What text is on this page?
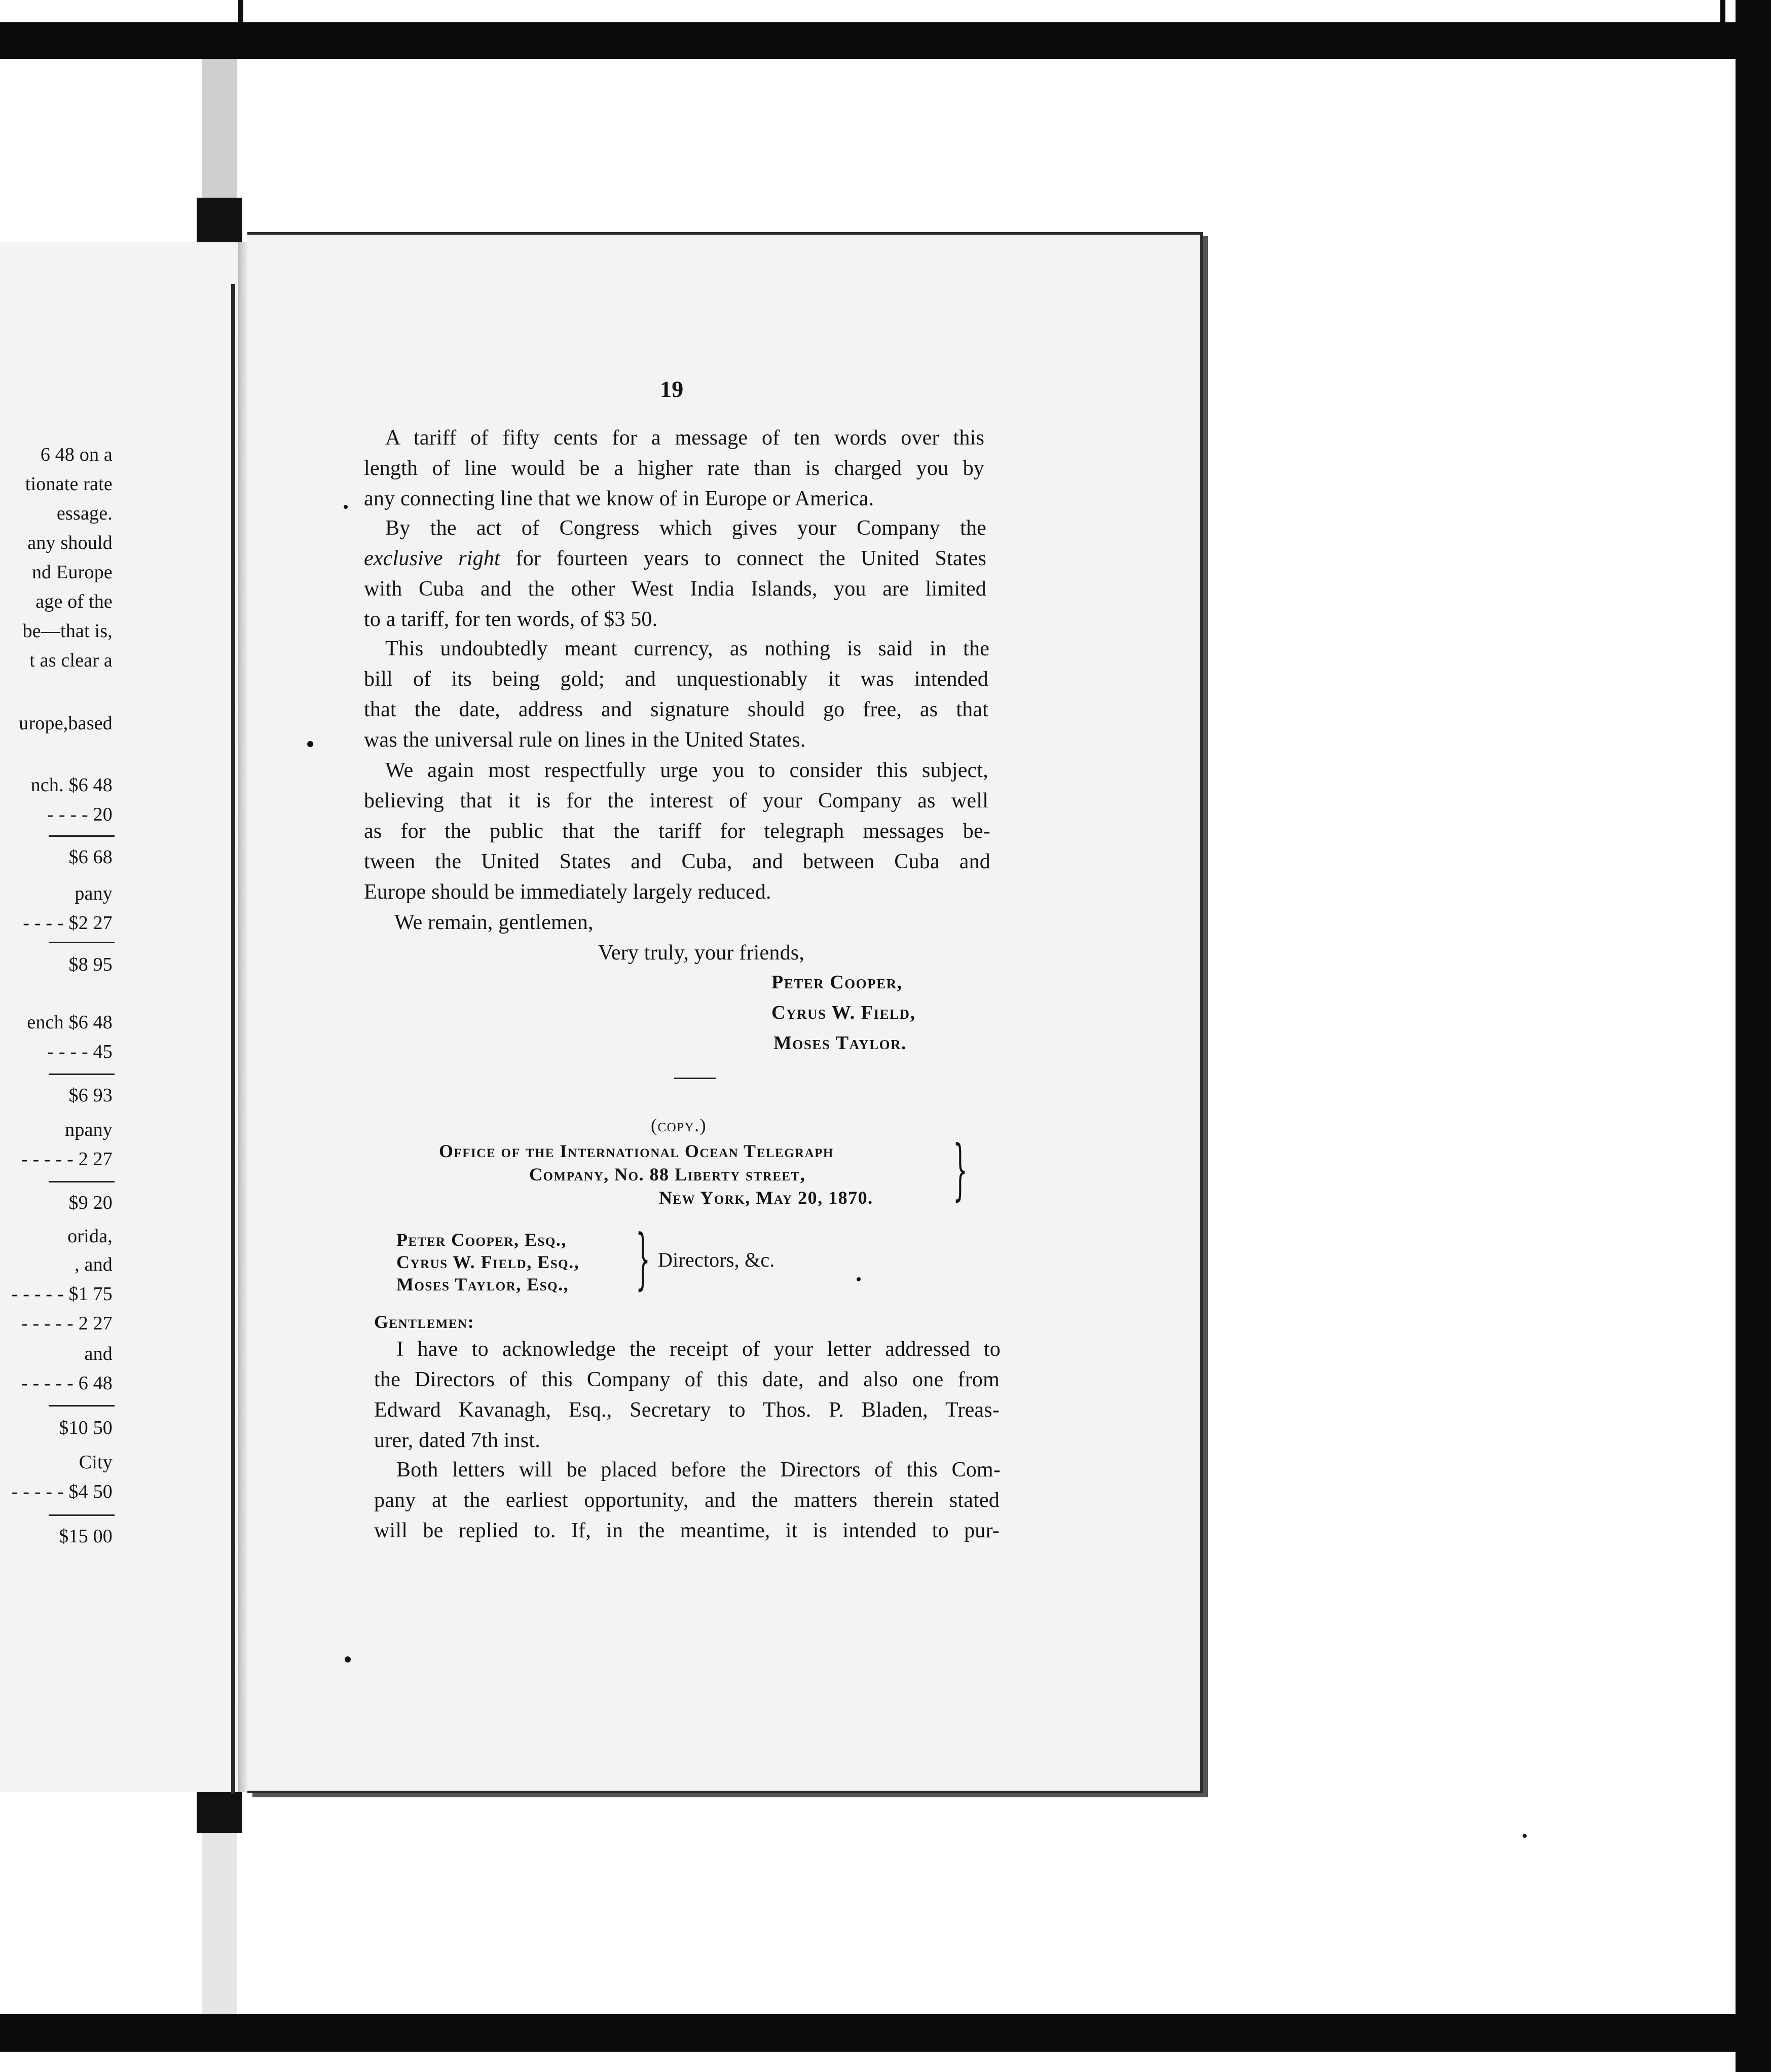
6 48 on a
tionate rate
essage.
any should
nd Europe
age of the
be—that is,
t as clear a
urope,based
nch. $6 48
- - - - 20
$6 68
pany
- - - - $2 27
$8 95
ench $6 48
- - - - 45
$6 93
npany
- - - - - 2 27
$9 20
orida,
, and
- - - - - $1 75
- - - - - 2 27
and
- - - - - 6 48
$10 50
City
- - - - - $4 50
$15 00
19
A tariff of fifty cents for a message of ten words over this
length of line would be a higher rate than is charged you by
any connecting line that we know of in Europe or America.
By the act of Congress which gives your Company the
exclusive right for fourteen years to connect the United States
with Cuba and the other West India Islands, you are limited
to a tariff, for ten words, of $3 50.
This undoubtedly meant currency, as nothing is said in the
bill of its being gold; and unquestionably it was intended
that the date, address and signature should go free, as that
was the universal rule on lines in the United States.
We again most respectfully urge you to consider this subject,
believing that it is for the interest of your Company as well
as for the public that the tariff for telegraph messages be-
tween the United States and Cuba, and between Cuba and
Europe should be immediately largely reduced.
We remain, gentlemen,
Very truly, your friends,
Peter Cooper,
Cyrus W. Field,
Moses Taylor.
(copy.)
Office of the International Ocean Telegraph
Company, No. 88 Liberty street,
New York, May 20, 1870. }
Peter Cooper, Esq.,
Cyrus W. Field, Esq.,
Moses Taylor, Esq., } Directors, &c.
Gentlemen:
I have to acknowledge the receipt of your letter addressed to
the Directors of this Company of this date, and also one from
Edward Kavanagh, Esq., Secretary to Thos. P. Bladen, Treas-
urer, dated 7th inst.
Both letters will be placed before the Directors of this Com-
pany at the earliest opportunity, and the matters therein stated
will be replied to. If, in the meantime, it is intended to pur-
